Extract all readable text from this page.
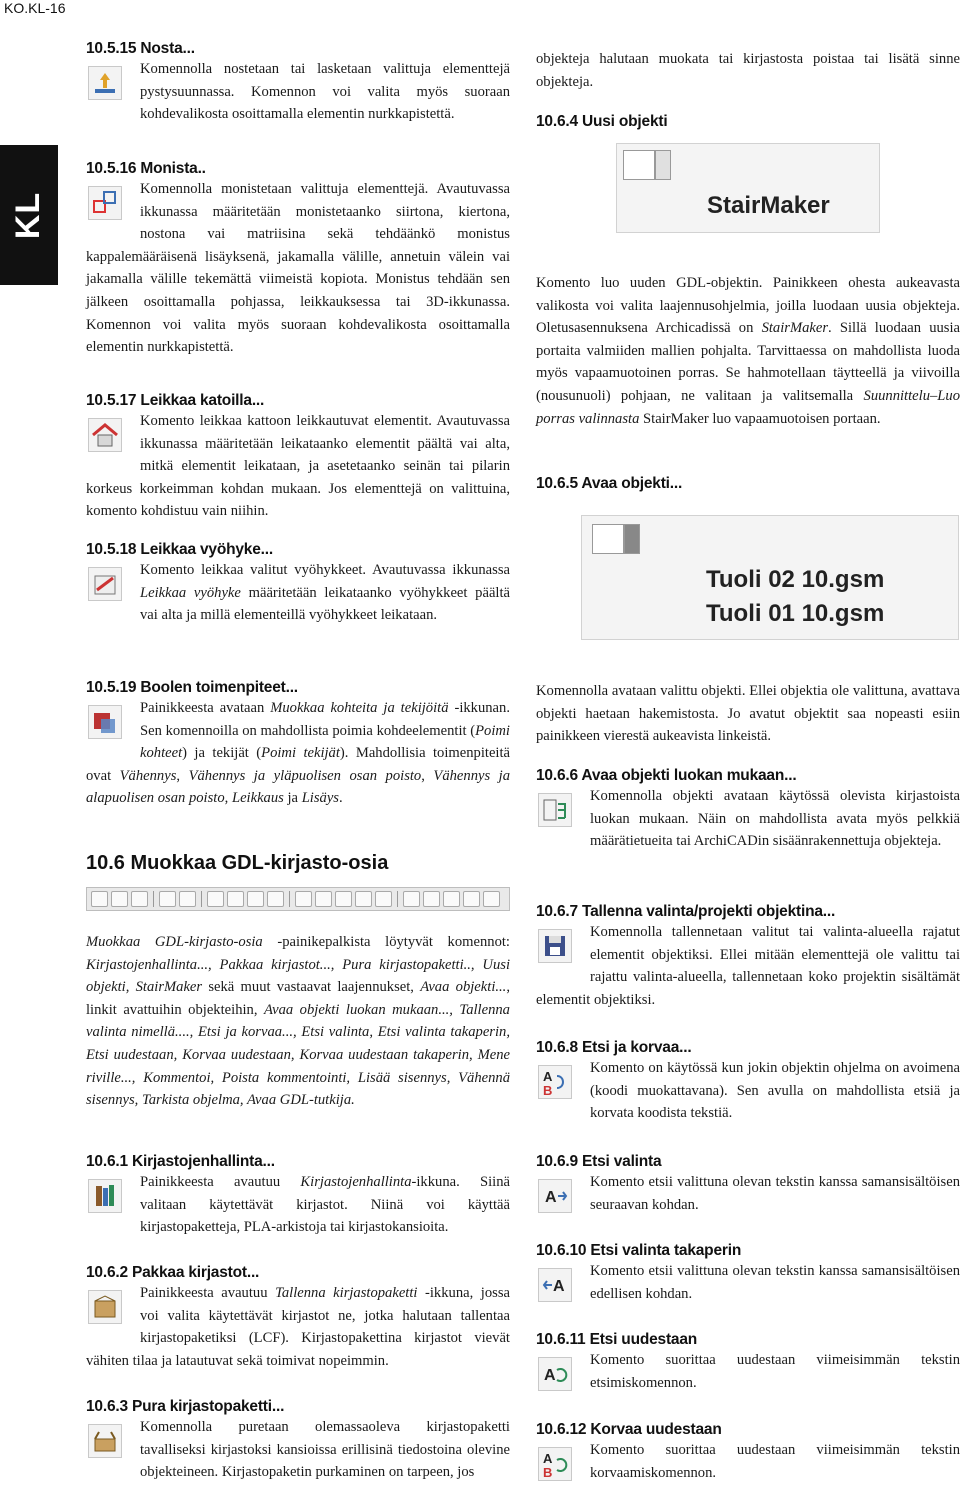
KO.KL-16
KL
10.5.15 Nosta...

Komennolla nostetaan tai lasketaan valittuja elementtejä pystysuunnassa. Komennon voi valita myös suoraan kohdevalikosta osoittamalla elementin nurkkapistettä.

10.5.16 Monista..

Komennolla monistetaan valittuja elementtejä. Avautuvassa ikkunassa määritetään monistetaanko siirtona, kiertona, nostona vai matriisina sekä tehdäänkö monistus kappalemääräisenä lisäyksenä, jakamalla välille, annetuin välein vai jakamalla välille tekemättä viimeistä kopiota. Monistus tehdään sen jälkeen osoittamalla pohjassa, leikkauksessa tai 3D-ikkunassa. Komennon voi valita myös suoraan kohdevalikosta osoittamalla elementin nurkkapistettä.

10.5.17 Leikkaa katoilla...

Komento leikkaa kattoon leikkautuvat elementit. Avautuvassa ikkunassa määritetään leikataanko elementit päältä vai alta, mitkä elementit leikataan, ja asetetaanko seinän tai pilarin korkeus korkeimman kohdan mukaan. Jos elementtejä on valittuina, komento kohdistuu vain niihin.

10.5.18 Leikkaa vyöhyke...

Komento leikkaa valitut vyöhykkeet. Avautuvassa ikkunassa Leikkaa vyöhyke määritetään leikataanko vyöhykkeet päältä vai alta ja millä elementeillä vyöhykkeet leikataan.

10.5.19 Boolen toimenpiteet...

Painikkeesta avataan Muokkaa kohteita ja tekijöitä -ikkunan. Sen komennoilla on mahdollista poimia kohdeelementit (Poimi kohteet) ja tekijät (Poimi tekijät). Mahdollisia toimenpiteitä ovat Vähennys, Vähennys ja yläpuolisen osan poisto, Vähennys ja alapuolisen osan poisto, Leikkaus ja Lisäys.

10.6 Muokkaa GDL-kirjasto-osia

Muokkaa GDL-kirjasto-osia -painikepalkista löytyvät komennot: Kirjastojenhallinta..., Pakkaa kirjastot..., Pura kirjastopaketti.., Uusi objekti, StairMaker sekä muut vastaavat laajennukset, Avaa objekti..., linkit avattuihin objekteihin, Avaa objekti luokan mukaan..., Tallenna valinta nimellä...., Etsi ja korvaa..., Etsi valinta, Etsi valinta takaperin, Etsi uudestaan, Korvaa uudestaan, Korvaa uudestaan takaperin, Mene riville..., Kommentoi, Poista kommentointi, Lisää sisennys, Vähennä sisennys, Tarkista objelma, Avaa GDL-tutkija.

10.6.1 Kirjastojenhallinta...

Painikkeesta avautuu Kirjastojenhallinta-ikkuna. Siinä valitaan käytettävät kirjastot. Niinä voi käyttää kirjastopaketteja, PLA-arkistoja tai kirjastokansioita.

10.6.2 Pakkaa kirjastot...

Painikkeesta avautuu Tallenna kirjastopaketti -ikkuna, jossa voi valita käytettävät kirjastot ne, jotka halutaan tallentaa kirjastopaketiksi (LCF). Kirjastopakettina kirjastot vievät vähiten tilaa ja latautuvat sekä toimivat nopeimmin.

10.6.3 Pura kirjastopaketti...

Komennolla puretaan olemassaoleva kirjastopaketti tavalliseksi kirjastoksi kansioissa erillisinä tiedostoina olevine objekteineen. Kirjastopaketin purkaminen on tarpeen, jos

objekteja halutaan muokata tai kirjastosta poistaa tai lisätä sinne objekteja.

10.6.4 Uusi objekti
StairMaker

Komento luo uuden GDL-objektin. Painikkeen ohesta aukeavasta valikosta voi valita laajennusohjelmia, joilla luodaan uusia objekteja. Oletusasennuksena Archicadissä on StairMaker. Sillä luodaan uusia portaita valmiiden mallien pohjalta. Tarvittaessa on mahdollista luoda myös vapaamuotoinen porras. Se hahmotellaan täytteellä ja viivoilla (nousunuoli) pohjaan, ne valitaan ja valitsemalla Suunnittelu–Luo porras valinnasta StairMaker luo vapaamuotoisen portaan.

10.6.5 Avaa objekti...
Tuoli 02 10.gsm
Tuoli 01 10.gsm

Komennolla avataan valittu objekti. Ellei objektia ole valittuna, avattava objekti haetaan hakemistosta. Jo avatut objektit saa nopeasti esiin painikkeen vierestä aukeavista linkeistä.

10.6.6 Avaa objekti luokan mukaan...

Komennolla objekti avataan käytössä olevista kirjastoista luokan mukaan. Näin on mahdollista avata myös pelkkiä määrätietueita tai ArchiCADin sisäänrakennettuja objekteja.

10.6.7 Tallenna valinta/projekti objektina...

Komennolla tallennetaan valitut tai valinta-alueella rajatut elementit objektiksi. Ellei mitään elementtejä ole valittu tai rajattu valinta-alueella, tallennetaan koko projektin sisältämät elementit objektiksi.

10.6.8 Etsi ja korvaa...
A
B

Komento on käytössä kun jokin objektin ohjelma on avoimena (koodi muokattavana). Sen avulla on mahdollista etsiä ja korvata koodista tekstiä.

10.6.9 Etsi valinta
A

Komento etsii valittuna olevan tekstin kanssa samansisältöisen seuraavan kohdan.

10.6.10 Etsi valinta takaperin
A

Komento etsii valittuna olevan tekstin kanssa samansisältöisen edellisen kohdan.

10.6.11 Etsi uudestaan
A

Komento suorittaa uudestaan viimeisimmän tekstin etsimiskomennon.

10.6.12 Korvaa uudestaan
A
B

Komento suorittaa uudestaan viimeisimmän tekstin korvaamiskomennon.
